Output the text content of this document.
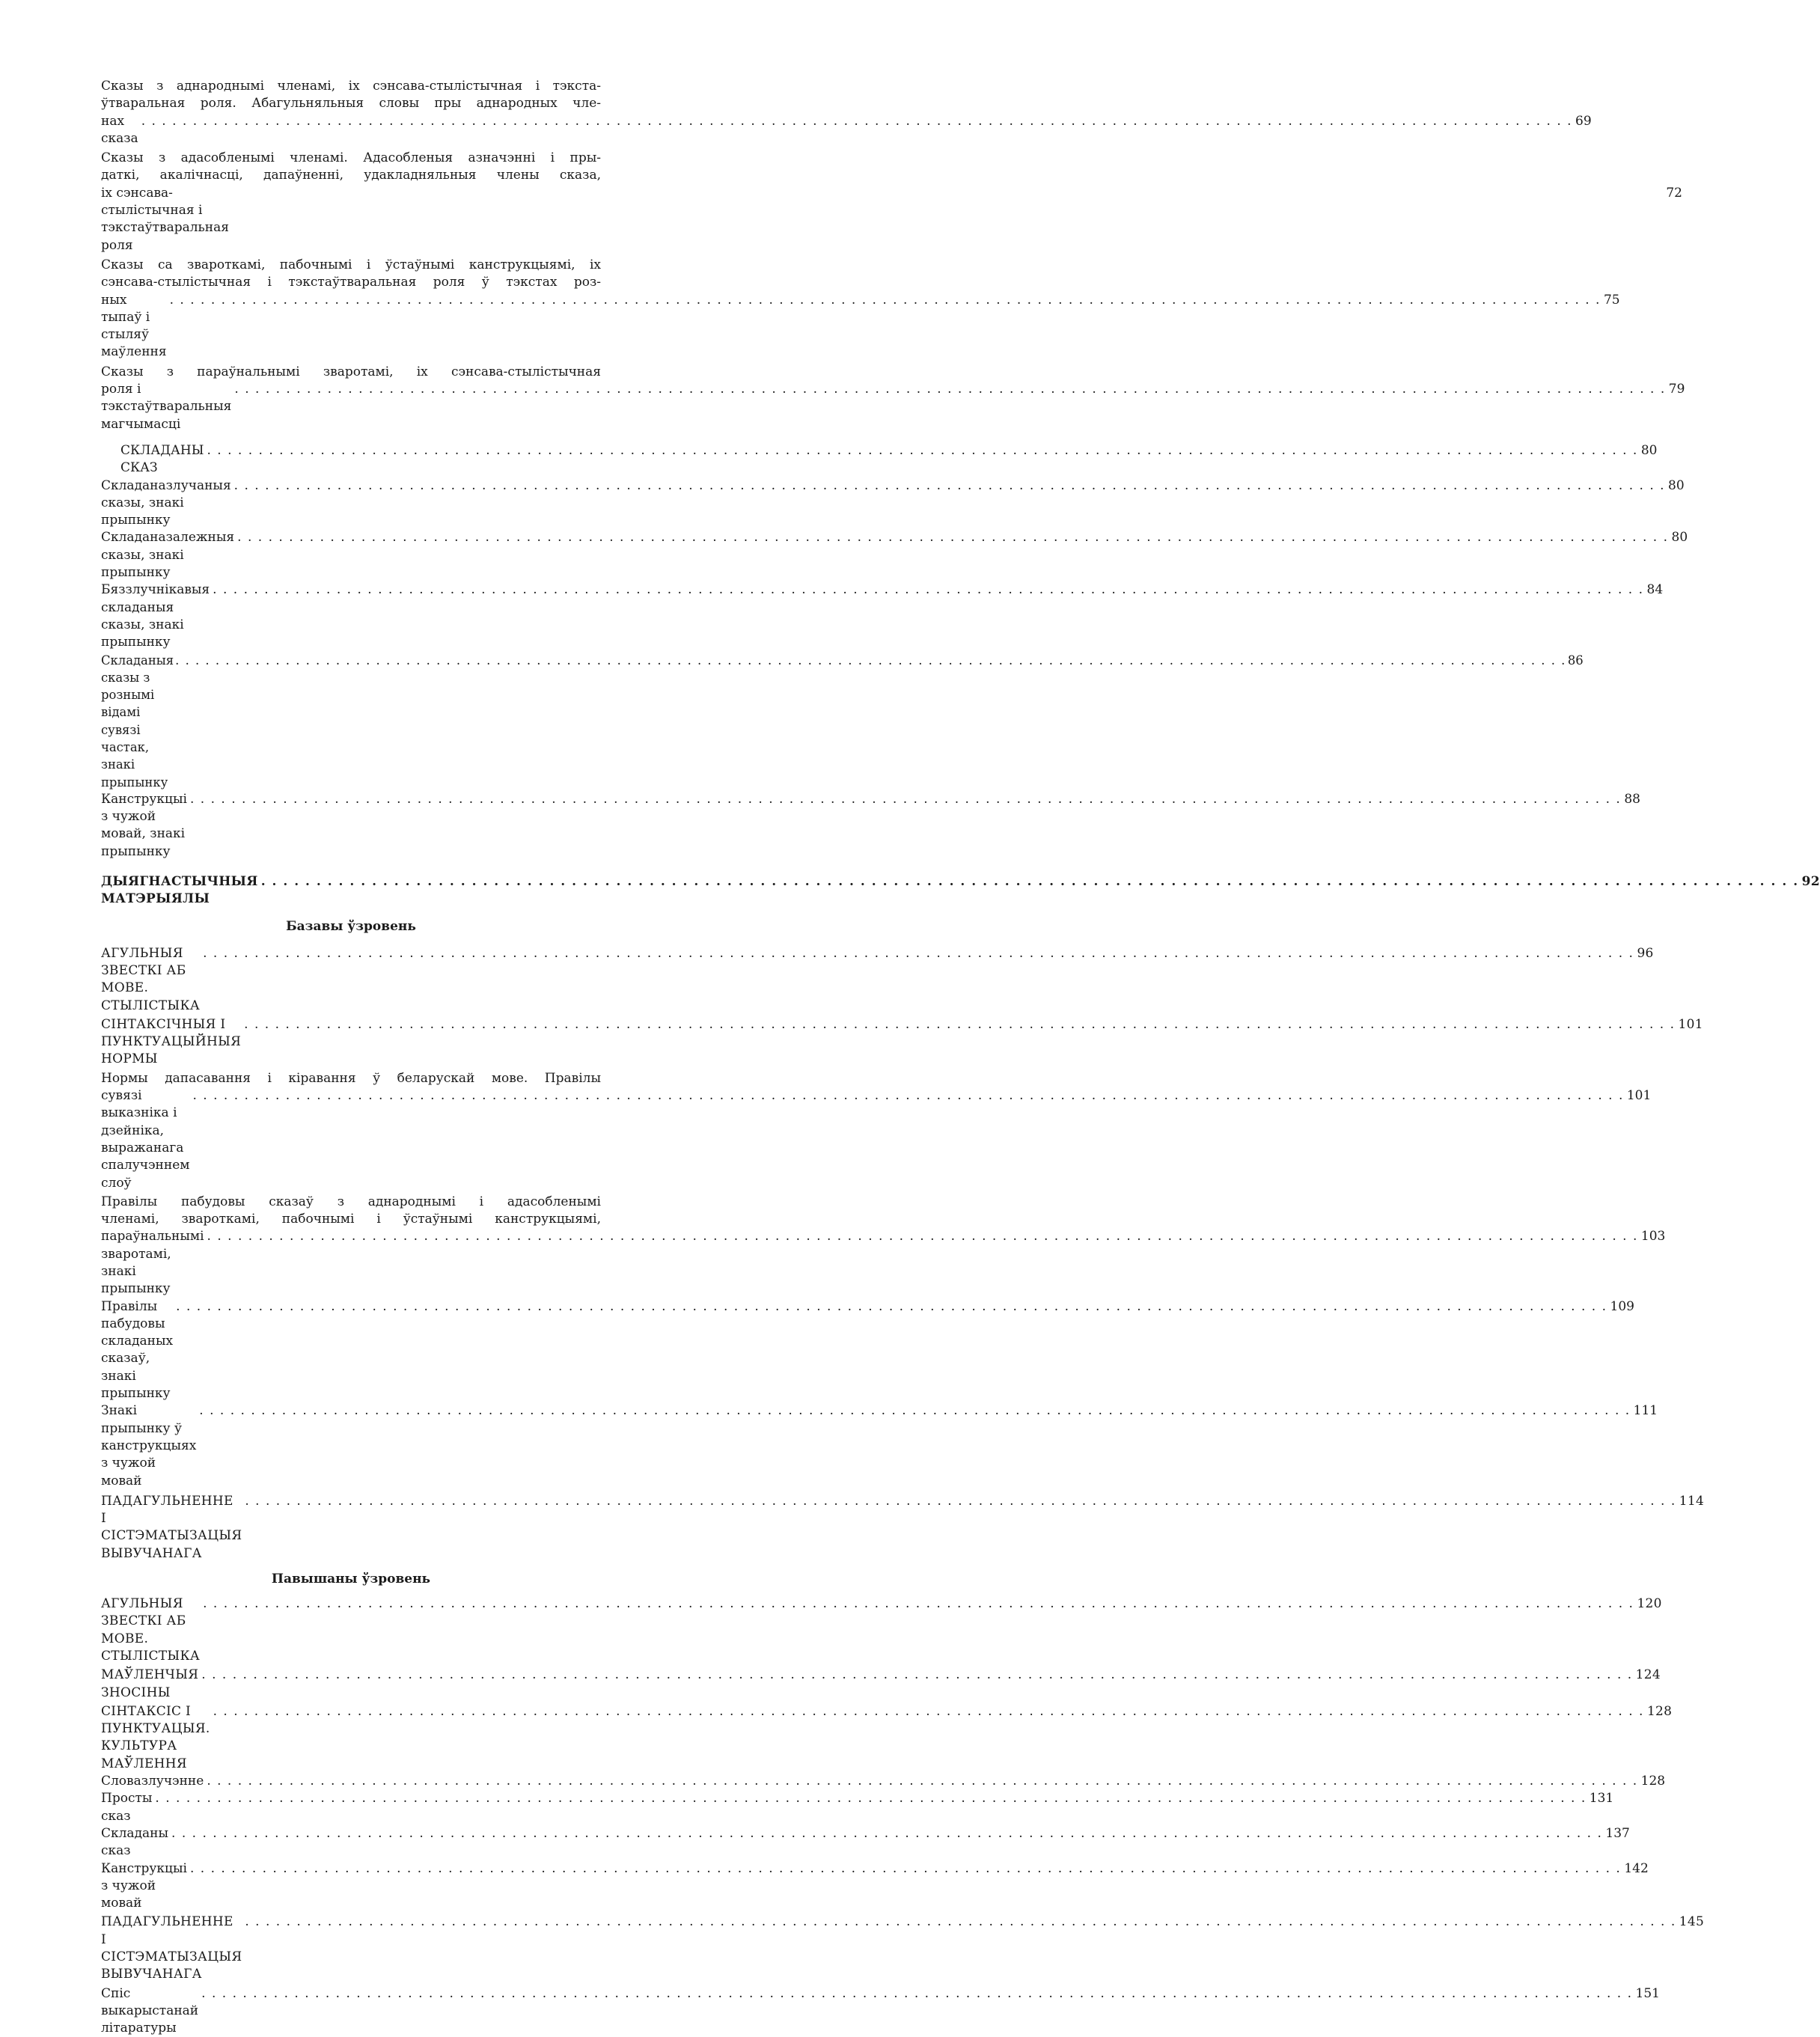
Сказы з аднароднымі членамі, іх сэнсава-стылістычная і тэкста-
ўтваральная роля. Абагульняльныя словы пры аднародных чле-
нах сказа
. . .
69
Сказы з адасобленымі членамі. Адасобленыя азначэнні і пры-
даткі, акалічнасці, дапаўненні, удакладняльныя члены сказа,
іх сэнсава-стылістычная і тэкстаўтваральная роля
72
Сказы са звароткамі, пабочнымі і ўстаўнымі канструкцыямі, іх
сэнсава-стылістычная і тэкстаўтваральная роля ў тэкстах роз-
ных тыпаў і стыляў маўлення
. . .
75
Сказы з параўнальнымі зваротамі, іх сэнсава-стылістычная
роля і тэкстаўтваральныя магчымасці
. . .
79
СКЛАДАНЫ СКАЗ
. . .
80
Складаназлучаныя сказы, знакі прыпынку
. . .
80
Складаназалежныя сказы, знакі прыпынку
. . .
80
Бяззлучнікавыя складаныя сказы, знакі прыпынку
. . .
84
Складаныя сказы з рознымі відамі сувязі частак, знакі прыпынку
. . .
86
Канструкцыі з чужой мовай, знакі прыпынку
. . .
88
ДЫЯГНАСТЫЧНЫЯ МАТЭРЫЯЛЫ
. . .
92
Базавы ўзровень
АГУЛЬНЫЯ ЗВЕСТКІ АБ МОВЕ. СТЫЛІСТЫКА
. . .
96
СІНТАКСІЧНЫЯ І ПУНКТУАЦЫЙНЫЯ НОРМЫ
. . .
101
Нормы дапасавання і кіравання ў беларускай мове. Правілы
сувязі выказніка і дзейніка, выражанага спалучэннем слоў
. . .
101
Правілы пабудовы сказаў з аднароднымі і адасобленымі
членамі, звароткамі, пабочнымі і ўстаўнымі канструкцыямі,
параўнальнымі зваротамі, знакі прыпынку
. . .
103
Правілы пабудовы складаных сказаў, знакі прыпынку
. . .
109
Знакі прыпынку ў канструкцыях з чужой мовай
. . .
111
ПАДАГУЛЬНЕННЕ І СІСТЭМАТЫЗАЦЫЯ ВЫВУЧАНАГА
. . .
114
Павышаны ўзровень
АГУЛЬНЫЯ ЗВЕСТКІ АБ МОВЕ. СТЫЛІСТЫКА
. . .
120
МАЎЛЕНЧЫЯ ЗНОСІНЫ
. . .
124
СІНТАКСІС І ПУНКТУАЦЫЯ. КУЛЬТУРА МАЎЛЕННЯ
. . .
128
Словазлучэнне
. . .	128
Просты сказ
. . .
131
Складаны сказ
. . .
137
Канструкцыі з чужой мовай
. . .
142
ПАДАГУЛЬНЕННЕ І СІСТЭМАТЫЗАЦЫЯ ВЫВУЧАНАГА
. . .
145
Спіс выкарыстанай літаратуры
. . .
151
